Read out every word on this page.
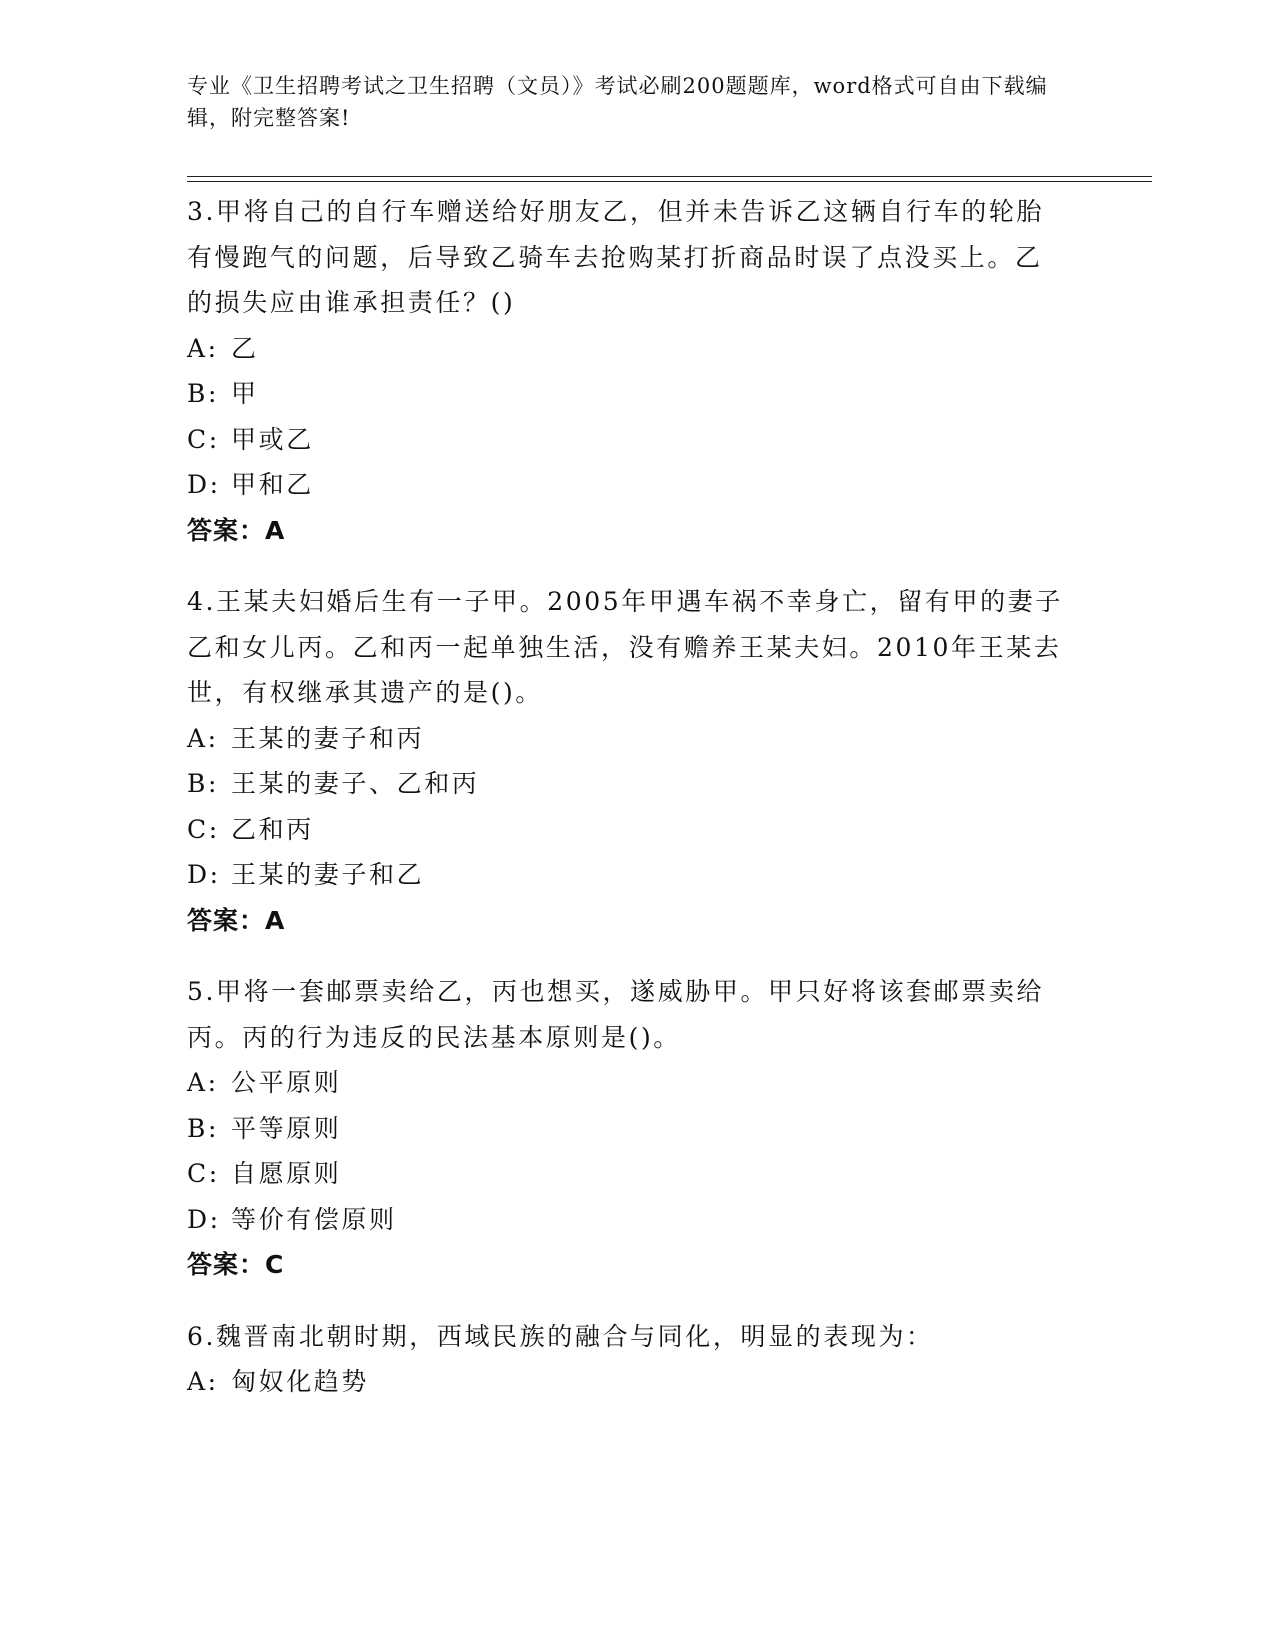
专业《卫生招聘考试之卫生招聘（文员）》考试必刷200题题库，word格式可自由下载编辑，附完整答案!
3.甲将自己的自行车赠送给好朋友乙，但并未告诉乙这辆自行车的轮胎有慢跑气的问题，后导致乙骑车去抢购某打折商品时误了点没买上。乙的损失应由谁承担责任？()
A: 乙
B: 甲
C: 甲或乙
D: 甲和乙
答案：A
4.王某夫妇婚后生有一子甲。2005年甲遇车祸不幸身亡，留有甲的妻子乙和女儿丙。乙和丙一起单独生活，没有赡养王某夫妇。2010年王某去世，有权继承其遗产的是()。
A: 王某的妻子和丙
B: 王某的妻子、乙和丙
C: 乙和丙
D: 王某的妻子和乙
答案：A
5.甲将一套邮票卖给乙，丙也想买，遂威胁甲。甲只好将该套邮票卖给丙。丙的行为违反的民法基本原则是()。
A: 公平原则
B: 平等原则
C: 自愿原则
D: 等价有偿原则
答案：C
6.魏晋南北朝时期，西域民族的融合与同化，明显的表现为：
A: 匈奴化趋势
